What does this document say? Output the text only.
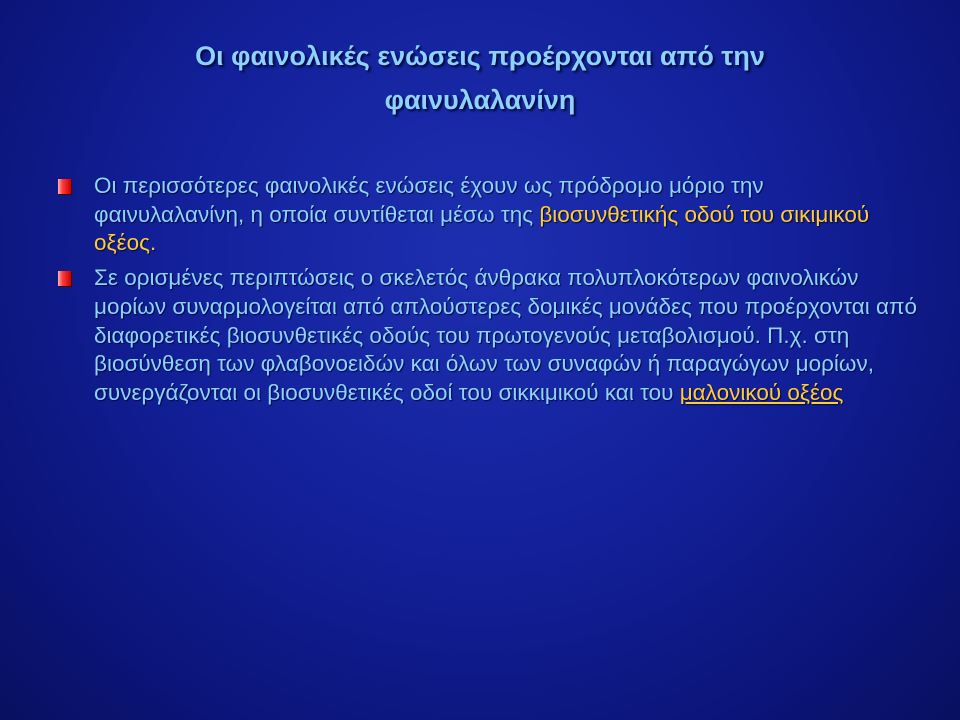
Οι φαινολικές ενώσεις προέρχονται από την
φαινυλαλανίνη
Οι περισσότερες φαινολικές ενώσεις έχουν ως πρόδρομο μόριο την φαινυλαλανίνη, η οποία συντίθεται μέσω της βιοσυνθετικής οδού του σικιμικού οξέος.
Σε ορισμένες περιπτώσεις ο σκελετός άνθρακα πολυπλοκότερων φαινολικών μορίων συναρμολογείται από απλούστερες δομικές μονάδες που προέρχονται από διαφορετικές βιοσυνθετικές οδούς του πρωτογενούς μεταβολισμού. Π.χ. στη βιοσύνθεση των φλαβονοειδών και όλων των συναφών ή παραγώγων μορίων, συνεργάζονται οι βιοσυνθετικές οδοί του σικκιμικού και του μαλονικού οξέος
